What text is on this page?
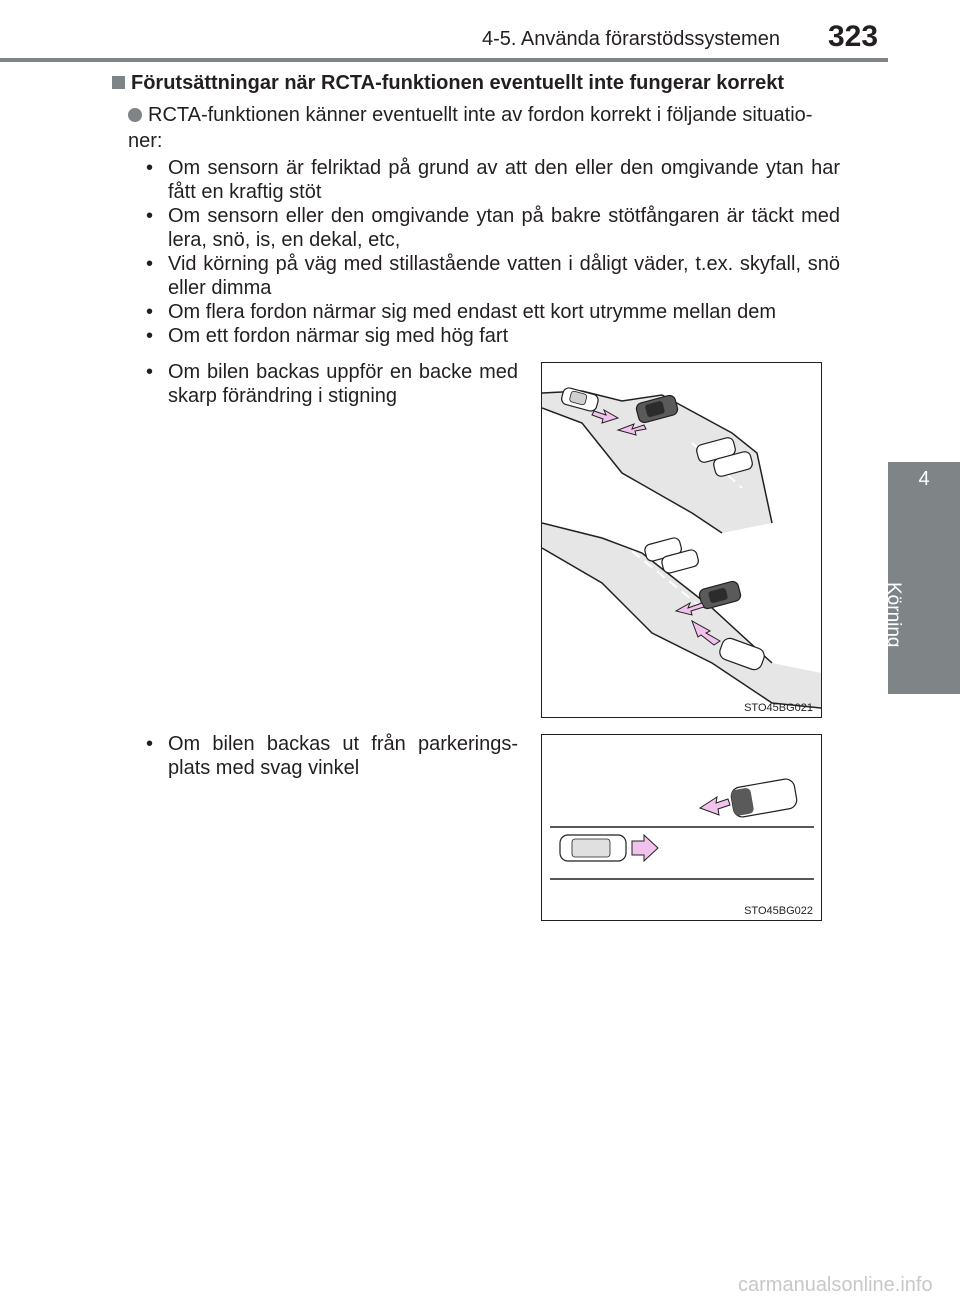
4-5. Använda förarstödssystemen 323
4
Körning
Förutsättningar när RCTA-funktionen eventuellt inte fungerar korrekt
RCTA-funktionen känner eventuellt inte av fordon korrekt i följande situatio-
ner:
• Om sensorn är felriktad på grund av att den eller den omgivande ytan har fått en kraftig stöt
• Om sensorn eller den omgivande ytan på bakre stötfångaren är täckt med lera, snö, is, en dekal, etc,
• Vid körning på väg med stillastående vatten i dåligt väder, t.ex. skyfall, snö eller dimma
• Om flera fordon närmar sig med endast ett kort utrymme mellan dem
• Om ett fordon närmar sig med hög fart
• Om bilen backas uppför en backe med skarp förändring i stigning
STO45BG021
• Om bilen backas ut från parkerings-plats med svag vinkel
STO45BG022
carmanualsonline.info
